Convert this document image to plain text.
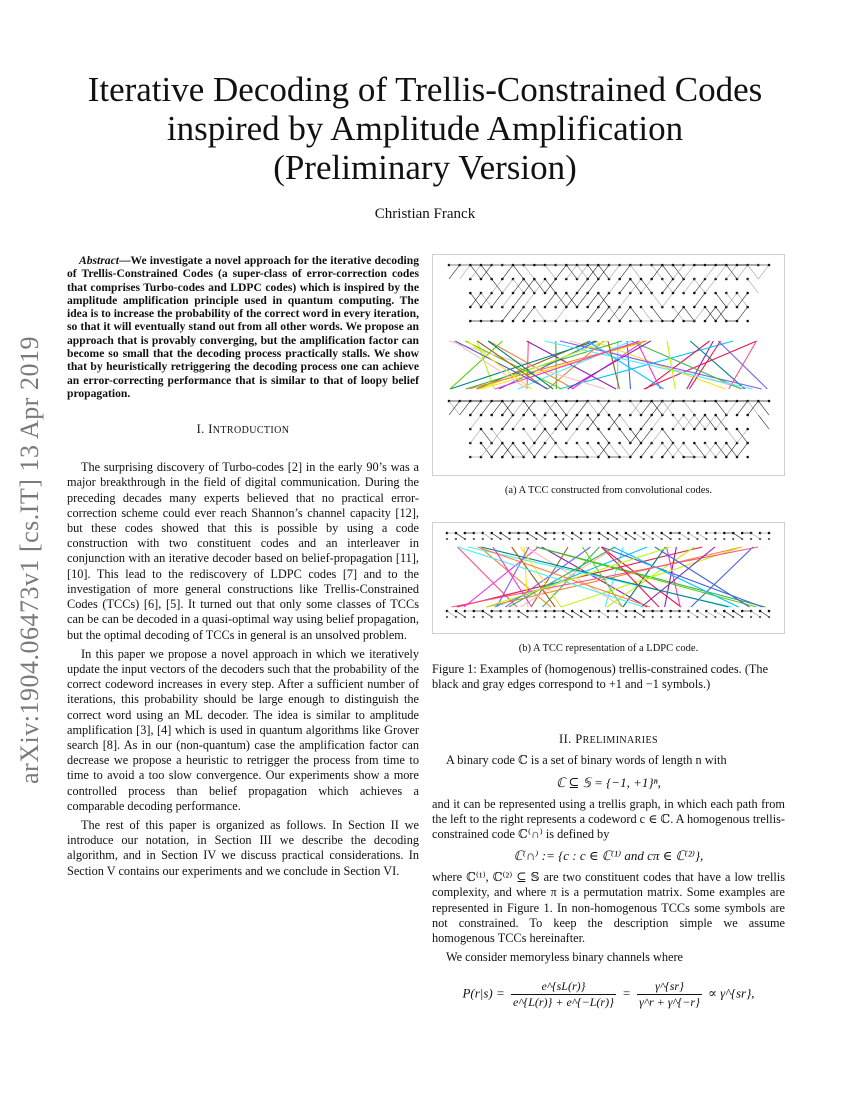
arXiv:1904.06473v1 [cs.IT] 13 Apr 2019
Iterative Decoding of Trellis-Constrained Codes
inspired by Amplitude Amplification
(Preliminary Version)
Christian Franck

Abstract—We investigate a novel approach for the iterative decoding of Trellis-Constrained Codes (a super-class of error-correction codes that comprises Turbo-codes and LDPC codes) which is inspired by the amplitude amplification principle used in quantum computing. The idea is to increase the probability of the correct word in every iteration, so that it will eventually stand out from all other words. We propose an approach that is provably converging, but the amplification factor can become so small that the decoding process practically stalls. We show that by heuristically retriggering the decoding process one can achieve an error-correcting performance that is similar to that of loopy belief propagation.

I. INTRODUCTION

The surprising discovery of Turbo-codes [2] in the early 90’s was a major breakthrough in the field of digital communication. During the preceding decades many experts believed that no practical error-correction scheme could ever reach Shannon’s channel capacity [12], but these codes showed that this is possible by using a code construction with two constituent codes and an interleaver in conjunction with an iterative decoder based on belief-propagation [11], [10]. This lead to the rediscovery of LDPC codes [7] and to the investigation of more general constructions like Trellis-Constrained Codes (TCCs) [6], [5]. It turned out that only some classes of TCCs can be can be decoded in a quasi-optimal way using belief propagation, but the optimal decoding of TCCs in general is an unsolved problem.

In this paper we propose a novel approach in which we iteratively update the input vectors of the decoders such that the probability of the correct codeword increases in every step. After a sufficient number of iterations, this probability should be large enough to distinguish the correct word using an ML decoder. The idea is similar to amplitude amplification [3], [4] which is used in quantum algorithms like Grover search [8]. As in our (non-quantum) case the amplification factor can decrease we propose a heuristic to retrigger the process from time to time to avoid a too slow convergence. Our experiments show a more controlled process than belief propagation which achieves a comparable decoding performance.

The rest of this paper is organized as follows. In Section II we introduce our notation, in Section III we describe the decoding algorithm, and in Section IV we discuss practical considerations. In Section V contains our experiments and we conclude in Section VI.

(a) A TCC constructed from convolutional codes.
(b) A TCC representation of a LDPC code.
Figure 1: Examples of (homogenous) trellis-constrained codes. (The black and gray edges correspond to +1 and −1 symbols.)
II. PRELIMINARIES

A binary code ℂ is a set of binary words of length n with

ℂ ⊆ 𝕊 = {−1, +1}ⁿ,

and it can be represented using a trellis graph, in which each path from the left to the right represents a codeword c ∈ ℂ. A homogenous trellis-constrained code ℂ⁽∩⁾ is defined by

ℂ⁽∩⁾ := {c : c ∈ ℂ⁽¹⁾ and cπ ∈ ℂ⁽²⁾},

where ℂ⁽¹⁾, ℂ⁽²⁾ ⊆ 𝕊 are two constituent codes that have a low trellis complexity, and where π is a permutation matrix. Some examples are represented in Figure 1. In non-homogenous TCCs some symbols are not constrained. To keep the description simple we assume homogenous TCCs hereinafter.

We consider memoryless binary channels where

$P(r|s) = \frac{e\^{}\{sL(r)\}}{e\^{}\{L(r)\} + e\^{}\{-L(r)\}} = \frac{\gamma\^{}\{sr\}}{\gamma\^{}r + \gamma\^{}\{-r\}}$ ∝ γ^{sr},
